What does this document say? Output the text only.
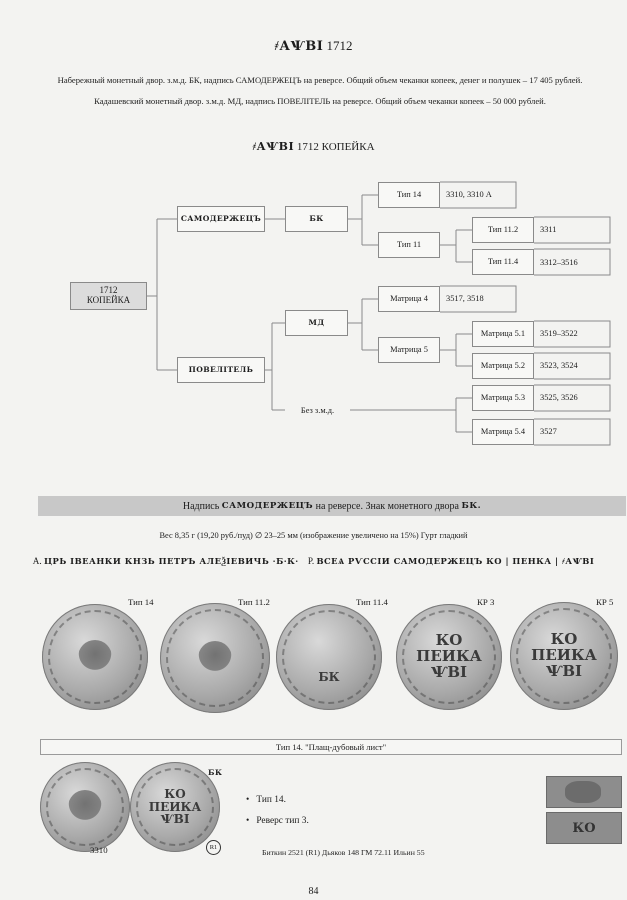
҂АѰВІ 1712
Набережный монетный двор. з.м.д. БК, надпись САМОДЕРЖЕЦЪ на реверсе. Общий объем чеканки копеек, денег и полушек – 17 405 рублей.
Кадашевский монетный двор. з.м.д. МД, надпись ПОВЕЛІТЕЛЬ на реверсе. Общий объем чеканки копеек – 50 000 рублей.
҂АѰВІ 1712 КОПЕЙКА
1712
КОПЕЙКА
САМОДЕРЖЕЦЪ
ПОВЕЛІТЕЛЬ
БК
МД
Без з.м.д.
Тип 14	3310, 3310 А
Тип 11
Тип 11.2	3311
Тип 11.4	3312–3516
Матрица 4	3517, 3518
Матрица 5
Матрица 5.1	3519–3522
Матрица 5.2	3523, 3524
Матрица 5.3	3525, 3526
Матрица 5.4	3527
Надпись
САМОДЕРЖЕЦЪ
на реверсе. Знак монетного двора
БК.
Вес 8,35 г (19,20 руб./пуд) ∅ 23–25 мм (изображение увеличено на 15%) Гурт гладкий
А. ЦРЬ ІВЕАНКИ КНЗЬ ПЕТРЪ АЛЕѮІЕВИЧЬ ·Б·К· Р. ВСЕѦ РѴССІИ САМОДЕРЖЕЦЪ КО | ПЕНКА | ҂АѰВІ
Тип 14	Тип 11.2	Тип 11.4
БК
КР 3
КО
ПЕИКА
ѰВІ
КР 5
КО
ПЕИКА
ѰВІ
Тип 14. "Плащ-дубовый лист"
3310
БК
КО
ПЕИКА
ѰВІ
R1
•   Тип 14.
•   Реверс тип 3.
Биткин 2521 (R1) Дьяков 148 ГМ 72.11 Ильин 55
КО
84
